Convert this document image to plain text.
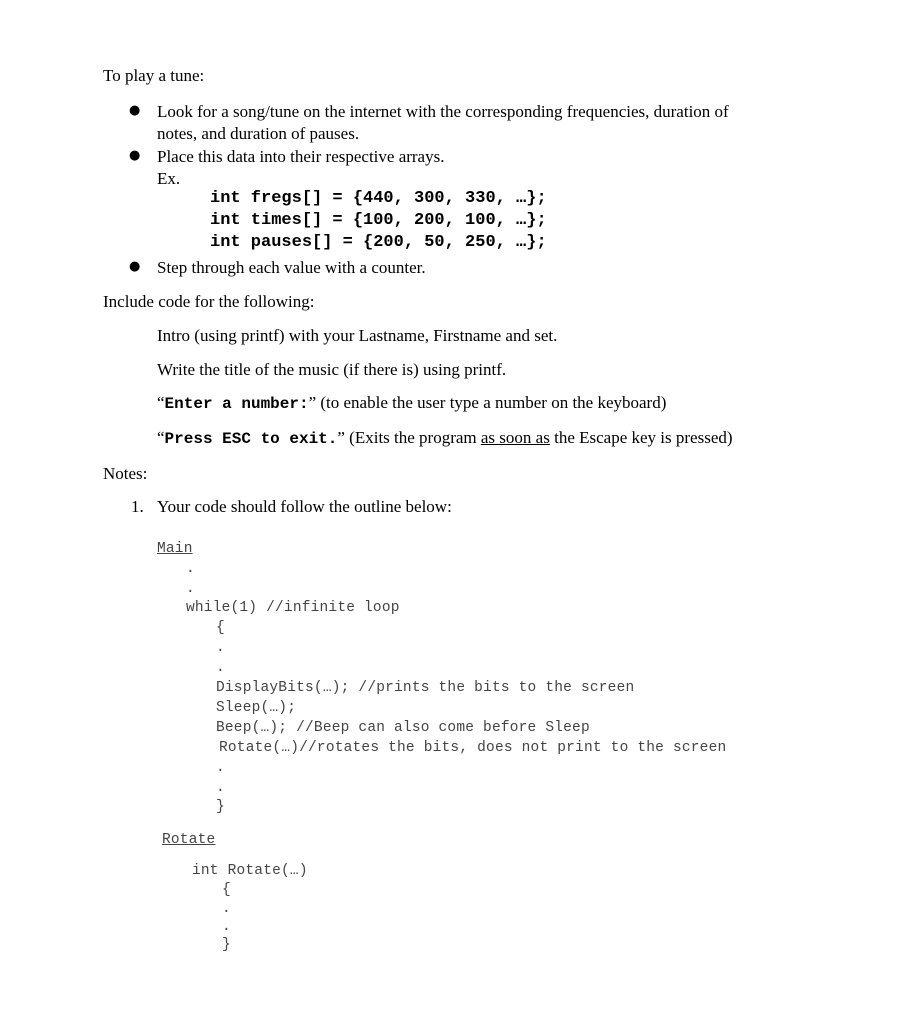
To play a tune:
● Look for a song/tune on the internet with the corresponding frequencies, duration of
notes, and duration of pauses.
● Place this data into their respective arrays.
Ex.
int fregs[] = {440, 300, 330, …};
int times[] = {100, 200, 100, …};
int pauses[] = {200, 50, 250, …};
● Step through each value with a counter.
Include code for the following:
Intro (using printf) with your Lastname, Firstname and set.
Write the title of the music (if there is) using printf.
“Enter a number:” (to enable the user type a number on the keyboard)
“Press ESC to exit.” (Exits the program as soon as the Escape key is pressed)
Notes:
1. Your code should follow the outline below:
Main
.
.
while(1) //infinite loop
{
.
.
DisplayBits(…); //prints the bits to the screen
Sleep(…);
Beep(…); //Beep can also come before Sleep
Rotate(…)//rotates the bits, does not print to the screen
.
.
}
Rotate
int Rotate(…)
{
.
.
}
